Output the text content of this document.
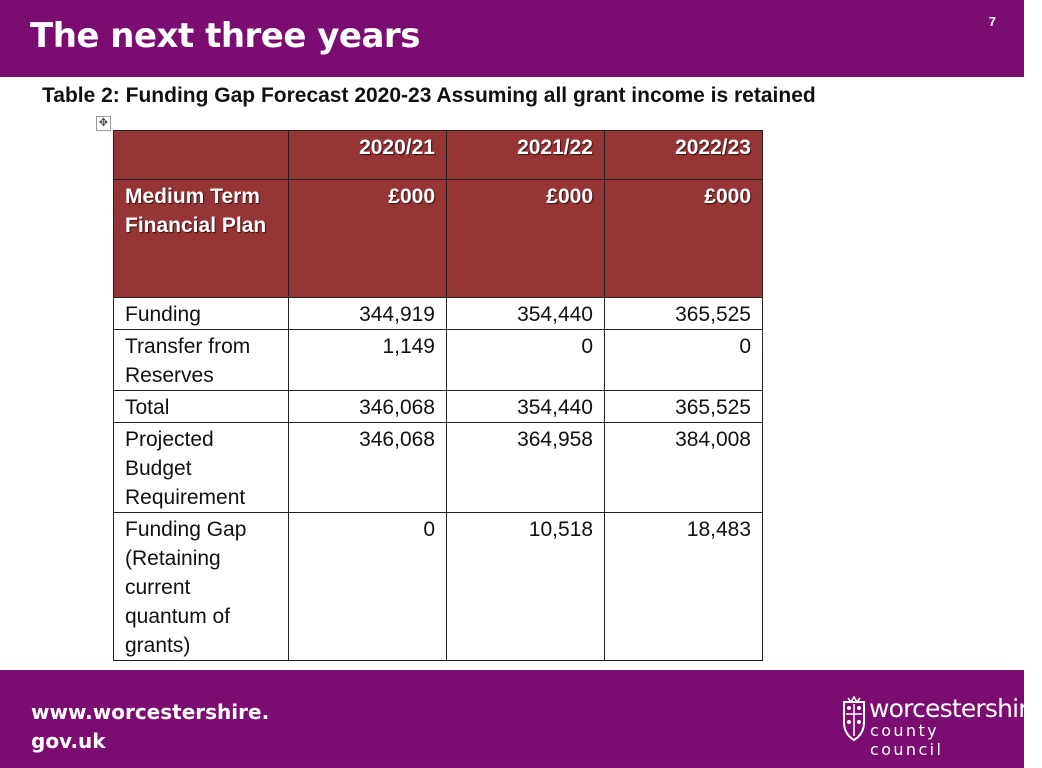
The next three years	7
Table 2: Funding Gap Forecast 2020-23 Assuming all grant income is retained
✥
	2020/21	2021/22	2022/23
Medium Term Financial Plan	£000	£000	£000
Funding	344,919	354,440	365,525
Transfer from Reserves	1,149	0	0
Total	346,068	354,440	365,525
Projected Budget Requirement	346,068	364,958	384,008
Funding Gap (Retaining current quantum of grants)	0	10,518	18,483
www.worcestershire.
gov.uk
worcestershire
county council
